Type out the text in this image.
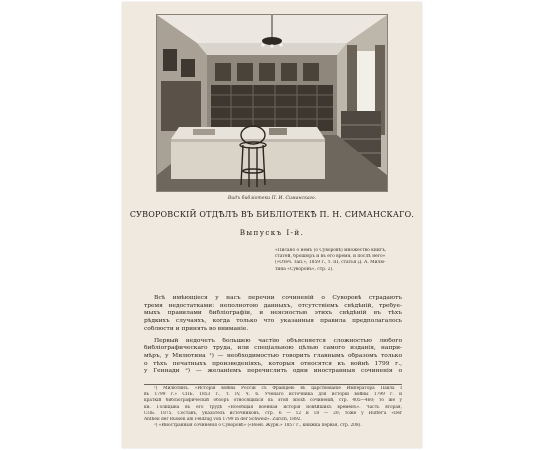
Видъ библіотеки П. И. Симанскаго.
СУВОРОВСКІЙ ОТДѢЛЪ ВЪ БИБЛІОТЕКѢ П. Н. СИМАНСКАГО.
Выпускъ I-й.
«Писано о немъ (о Суворовѣ) множество книгъ,
статей, брошюръ и въ его время, и послѣ него»
(«Отеч. Зап.», 1859 г., т. III, статья Д. А. Милю-
тина «Суворовъ», стр. 2).
Всѣ имѣющіеся у насъ перечни сочиненій о Суворовѣ страдаютъ
тремя недостатками: неполнотою данныхъ, отсутствіемъ свѣдѣній, требуе-
мыхъ правилами библіографіи, и неясностью этихъ свѣдѣній въ тѣхъ
рѣдкихъ случаяхъ, когда только что указанныя правила предполагалось
соблюсти и принять во вниманіе.
Первый недочетъ большею частію объясняется сложностью любого
библіографическаго труда, или спеціальною цѣлью самого изданія, напри-
мѣръ, у Милютина ¹) — необходимостью говорить главнымъ образомъ только
о тѣхъ печатныхъ произведеніяхъ, которыя относятся къ войнѣ 1799 г.,
у Геннади ²) — желаніемъ перечислить одни иностранныя сочиненія о
¹) Милютинъ. «Исторія войны Россіи съ Франціею въ царствованіе Императора Павла I
въ 1799 г.» СПБ. 1853 г., т. IV, ч. 6. Ученаго источника для исторіи войны 1799 г. и
краткій библіографическій обзоръ относящихся къ этой эпохѣ сочиненій, стр. 405—460; то же у
кн. Голицына въ его трудѣ «Всеобщая военная исторія новѣйшихъ временъ». Часть вторая,
СПБ. 1875. Составъ, указатель источниковъ, стр. 6 — 12 и 18 — 20; тоже у Hüffer'a «Der
Antheil der Russen am Feldzug von 1799 in der Schweiz». Zurich, 1892.
²) «Иностранныя сочиненія о Суворовѣ» («Воен. Журн.» 1857 г., книжка первая, стр. 208).
